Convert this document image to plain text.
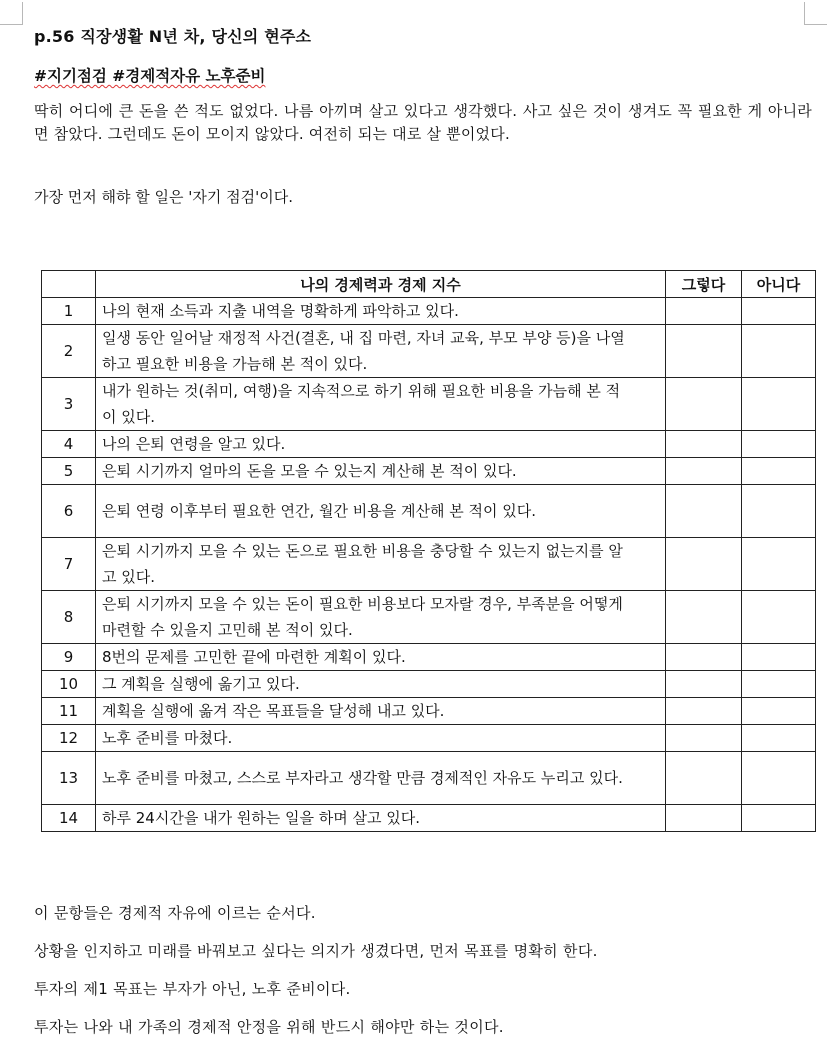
p.56 직장생활 N년 차, 당신의 현주소
#지기점검 #경제적자유 노후준비
딱히 어디에 큰 돈을 쓴 적도 없었다. 나름 아끼며 살고 있다고 생각했다. 사고 싶은 것이 생겨도 꼭 필요한 게 아니라면 참았다. 그런데도 돈이 모이지 않았다. 여전히 되는 대로 살 뿐이었다.
가장 먼저 해햐 할 일은 '자기 점검'이다.
	나의 경제력과 경제 지수	그렇다	아니다
1	나의 현재 소득과 지출 내역을 명확하게 파악하고 있다.		
2	일생 동안 일어날 재정적 사건(결혼, 내 집 마련, 자녀 교육, 부모 부양 등)을 나열하고 필요한 비용을 가늠해 본 적이 있다.		
3	내가 원하는 것(취미, 여행)을 지속적으로 하기 위해 필요한 비용을 가늠해 본 적이 있다.		
4	나의 은퇴 연령을 알고 있다.		
5	은퇴 시기까지 얼마의 돈을 모을 수 있는지 계산해 본 적이 있다.		
6	은퇴 연령 이후부터 필요한 연간, 월간 비용을 계산해 본 적이 있다.		
7	은퇴 시기까지 모을 수 있는 돈으로 필요한 비용을 충당할 수 있는지 없는지를 알고 있다.		
8	은퇴 시기까지 모을 수 있는 돈이 필요한 비용보다 모자랄 경우, 부족분을 어떻게 마련할 수 있을지 고민해 본 적이 있다.		
9	8번의 문제를 고민한 끝에 마련한 계획이 있다.		
10	그 계획을 실행에 옮기고 있다.		
11	계획을 실행에 옮겨 작은 목표들을 달성해 내고 있다.		
12	노후 준비를 마쳤다.		
13	노후 준비를 마쳤고, 스스로 부자라고 생각할 만큼 경제적인 자유도 누리고 있다.		
14	하루 24시간을 내가 원하는 일을 하며 살고 있다.		
이 문항들은 경제적 자유에 이르는 순서다.
상황을 인지하고 미래를 바꿔보고 싶다는 의지가 생겼다면, 먼저 목표를 명확히 한다.
투자의 제1 목표는 부자가 아닌, 노후 준비이다.
투자는 나와 내 가족의 경제적 안정을 위해 반드시 해야만 하는 것이다.
